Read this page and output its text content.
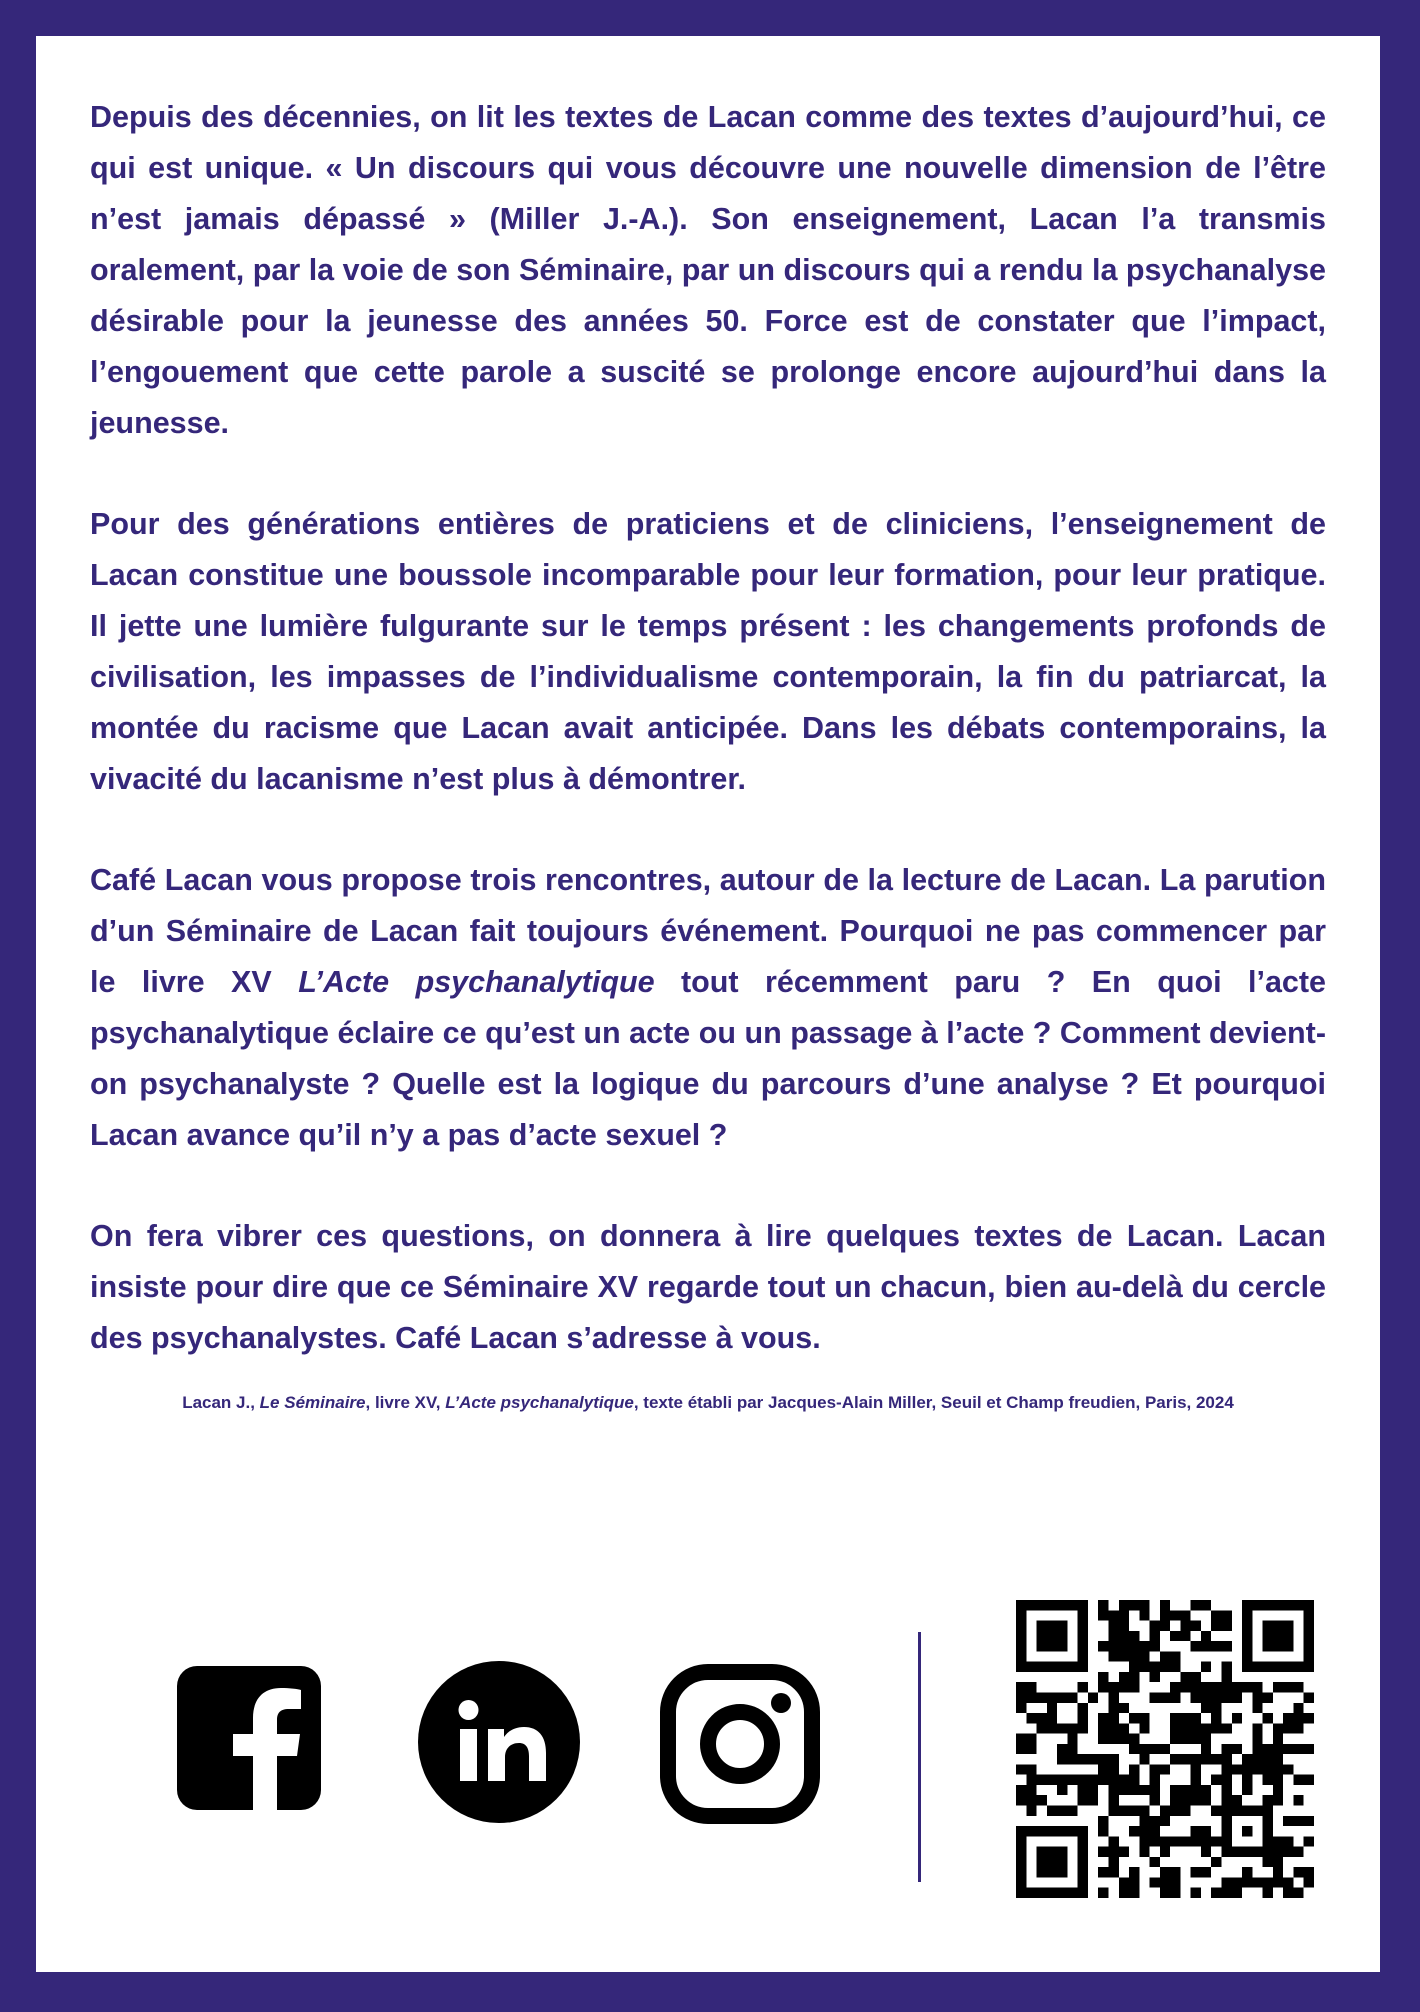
Depuis des décennies, on lit les textes de Lacan comme des textes d’aujourd’hui, ce qui est unique. « Un discours qui vous découvre une nouvelle dimension de l’être n’est jamais dépassé » (Miller J.-A.). Son enseignement, Lacan l’a transmis oralement, par la voie de son Séminaire, par un discours qui a rendu la psychanalyse désirable pour la jeunesse des années 50. Force est de constater que l’impact, l’engouement que cette parole a suscité se prolonge encore aujourd’hui dans la jeunesse.

Pour des générations entières de praticiens et de cliniciens, l’enseignement de Lacan constitue une boussole incomparable pour leur formation, pour leur pratique. Il jette une lumière fulgurante sur le temps présent : les changements profonds de civilisation, les impasses de l’individualisme contemporain, la fin du patriarcat, la montée du racisme que Lacan avait anticipée. Dans les débats contemporains, la vivacité du lacanisme n’est plus à démontrer.

Café Lacan vous propose trois rencontres, autour de la lecture de Lacan. La parution d’un Séminaire de Lacan fait toujours événement. Pourquoi ne pas commencer par le livre XV L’Acte psychanalytique tout récemment paru ? En quoi l’acte psychanalytique éclaire ce qu’est un acte ou un passage à l’acte ? Comment devient-on psychanalyste ? Quelle est la logique du parcours d’une analyse ? Et pourquoi Lacan avance qu’il n’y a pas d’acte sexuel ?

On fera vibrer ces questions, on donnera à lire quelques textes de Lacan. Lacan insiste pour dire que ce Séminaire XV regarde tout un chacun, bien au-delà du cercle des psychanalystes. Café Lacan s’adresse à vous.

Lacan J., Le Séminaire, livre XV, L’Acte psychanalytique, texte établi par Jacques-Alain Miller, Seuil et Champ freudien, Paris, 2024
